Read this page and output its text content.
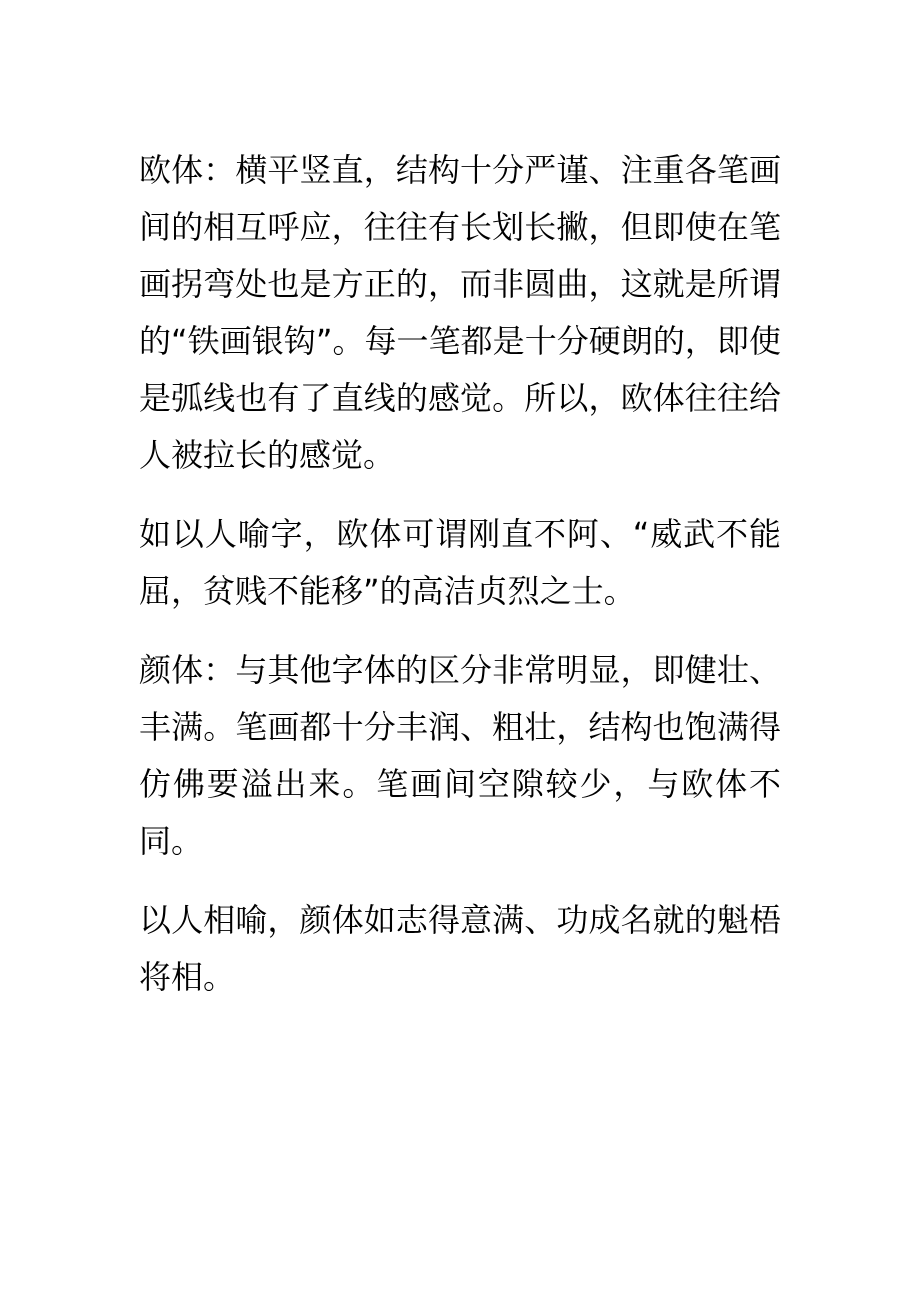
欧体：横平竖直，结构十分严谨、注重各笔画间的相互呼应，往往有长划长撇，但即使在笔画拐弯处也是方正的，而非圆曲，这就是所谓的“铁画银钩”。每一笔都是十分硬朗的，即使是弧线也有了直线的感觉。所以，欧体往往给人被拉长的感觉。

如以人喻字，欧体可谓刚直不阿、“威武不能屈，贫贱不能移”的高洁贞烈之士。

颜体：与其他字体的区分非常明显，即健壮、丰满。笔画都十分丰润、粗壮，结构也饱满得仿佛要溢出来。笔画间空隙较少，与欧体不同。

以人相喻，颜体如志得意满、功成名就的魁梧将相。
